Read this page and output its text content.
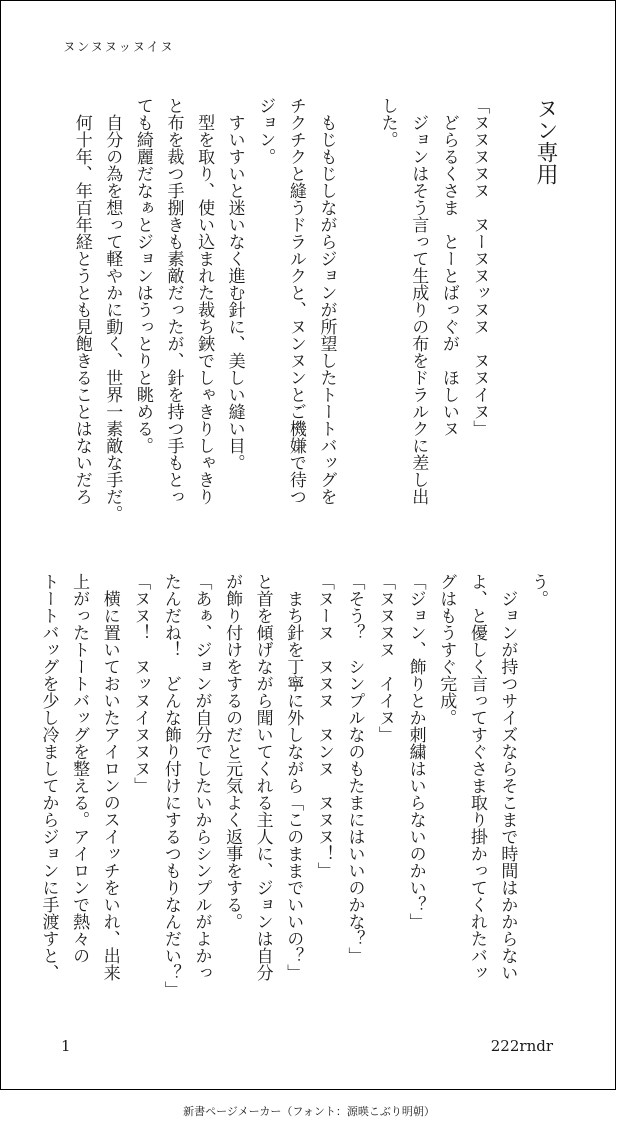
ヌンヌヌッヌイヌ

ヌン専用

「ヌヌヌヌヌ　ヌーヌヌッヌヌ　ヌヌイヌ」

　どらるくさま　とーとばっぐが　ほしいヌ

　ジョンはそう言って生成りの布をドラルクに差し出

した。

　もじもじしながらジョンが所望したトートバッグを

チクチクと縫うドラルクと、ヌンヌンとご機嫌で待つ

ジョン。

　すいすいと迷いなく進む針に、美しい縫い目。

　型を取り、使い込まれた裁ち鋏でしゃきりしゃきり

と布を裁つ手捌きも素敵だったが、針を持つ手もとっ

ても綺麗だなぁとジョンはうっとりと眺める。

　自分の為を想って軽やかに動く、世界一素敵な手だ。

　何十年、年百年経とうとも見飽きることはないだろ

う。

　ジョンが持つサイズならそこまで時間はかからない

よ、と優しく言ってすぐさま取り掛かってくれたバッ

グはもうすぐ完成。

「ジョン、飾りとか刺繍はいらないのかい？」

「ヌヌヌヌ　イイヌ」

「そう？　シンプルなのもたまにはいいのかな？」

「ヌーヌ　ヌヌヌ　ヌンヌ　ヌヌヌ！」

　まち針を丁寧に外しながら「このままでいいの？」

と首を傾げながら聞いてくれる主人に、ジョンは自分

が飾り付けをするのだと元気よく返事をする。

「あぁ、ジョンが自分でしたいからシンプルがよかっ

たんだね！　どんな飾り付けにするつもりなんだい？」

「ヌヌ！　ヌッヌイヌヌヌ」

　横に置いておいたアイロンのスイッチをいれ、出来

上がったトートバッグを整える。アイロンで熱々の

トートバッグを少し冷ましてからジョンに手渡すと、

1	222rndr
新書ページメーカー（フォント：源暎こぶり明朝）
